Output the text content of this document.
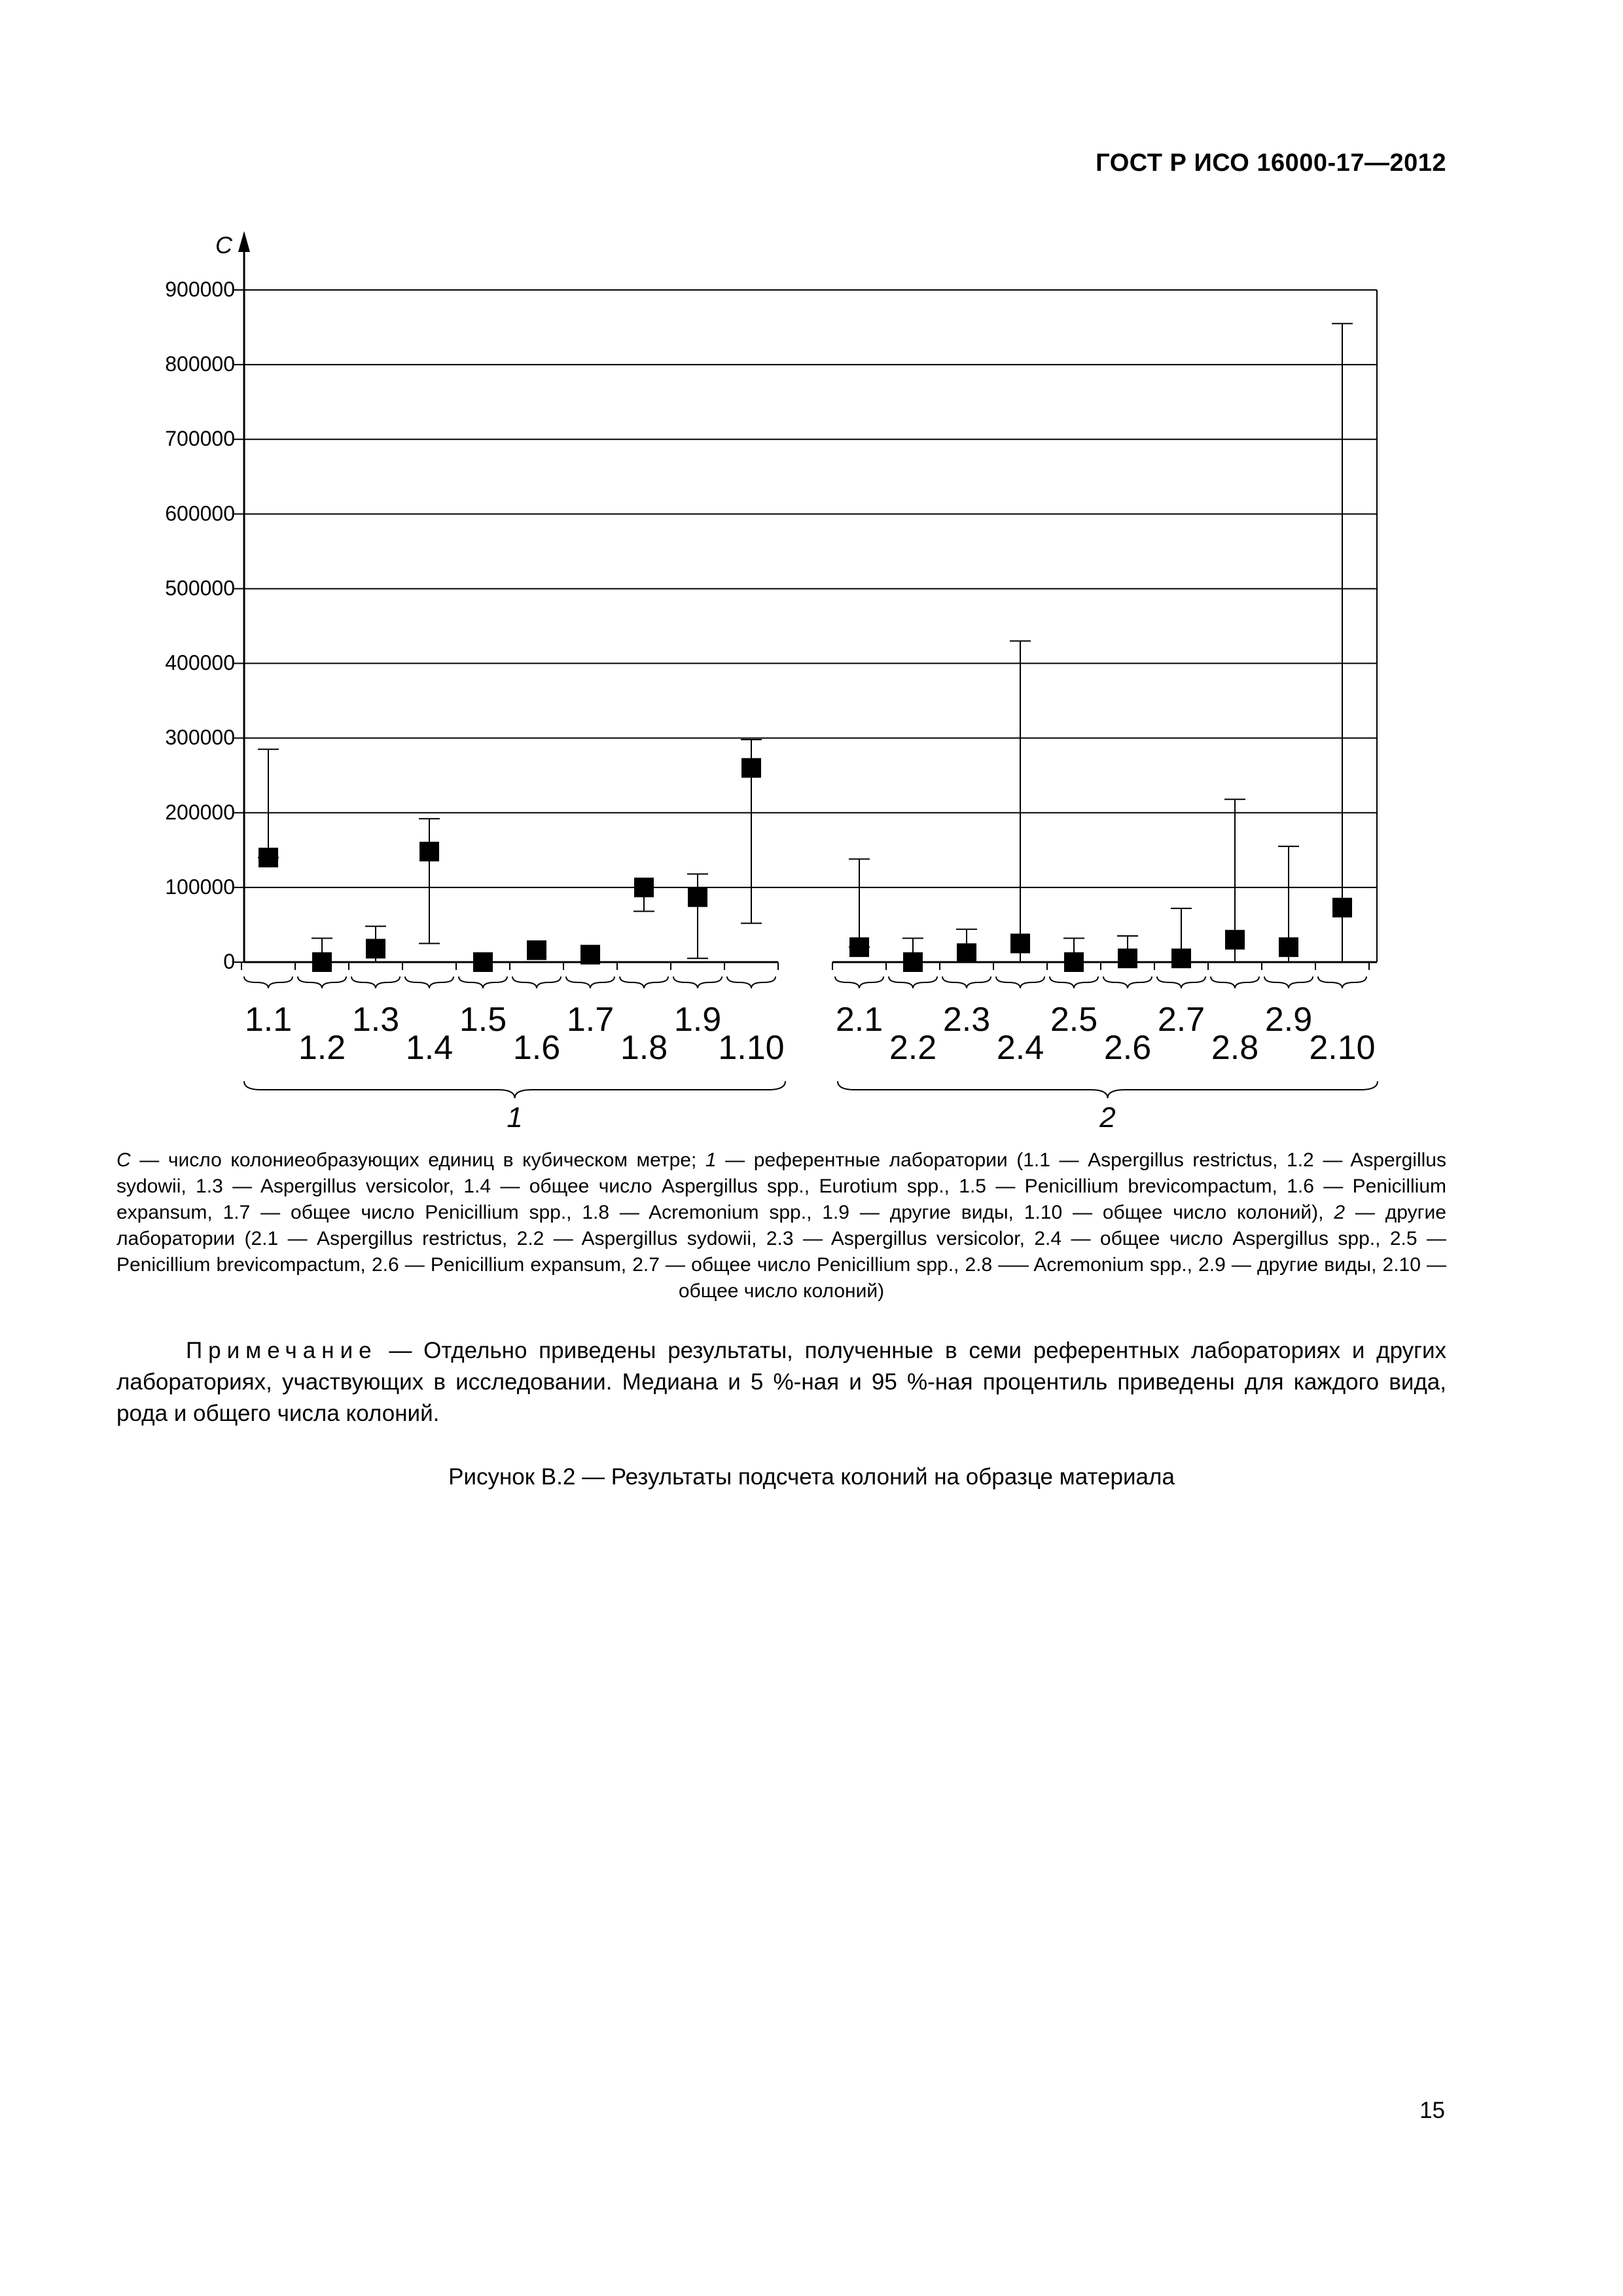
ГОСТ Р ИСО 16000-17—2012
0
100000
200000
300000
400000
500000
600000
700000
800000
900000
C
1.1
1.2
1.3
1.4
1.5
1.6
1.7
1.8
1.9
1.10
1
2.1
2.2
2.3
2.4
2.5
2.6
2.7
2.8
2.9
2.10
2
C — число колониеобразующих единиц в кубическом метре; 1 — референтные лаборатории (1.1 — Aspergillus restrictus, 1.2 — Aspergillus sydowii, 1.3 — Aspergillus versicolor, 1.4 — общее число Aspergillus spp., Eurotium spp., 1.5 — Penicillium brevicompactum, 1.6 — Penicillium expansum, 1.7 — общее число Penicillium spp., 1.8 — Acremonium spp., 1.9 — другие виды, 1.10 — общее число колоний), 2 — другие лаборатории (2.1 — Aspergillus restrictus, 2.2 — Aspergillus sydowii, 2.3 — Aspergillus versicolor, 2.4 — общее число Aspergillus spp., 2.5 — Penicillium brevicompactum, 2.6 — Penicillium expansum, 2.7 — общее число Penicillium spp., 2.8 —– Acremonium spp., 2.9 — другие виды, 2.10 — общее число колоний)
Примечание — Отдельно приведены результаты, полученные в семи референтных лабораториях и других лабораториях, участвующих в исследовании. Медиана и 5 %-ная и 95 %-ная процентиль приведены для каждого вида, рода и общего числа колоний.
Рисунок В.2 — Результаты подсчета колоний на образце материала
15
